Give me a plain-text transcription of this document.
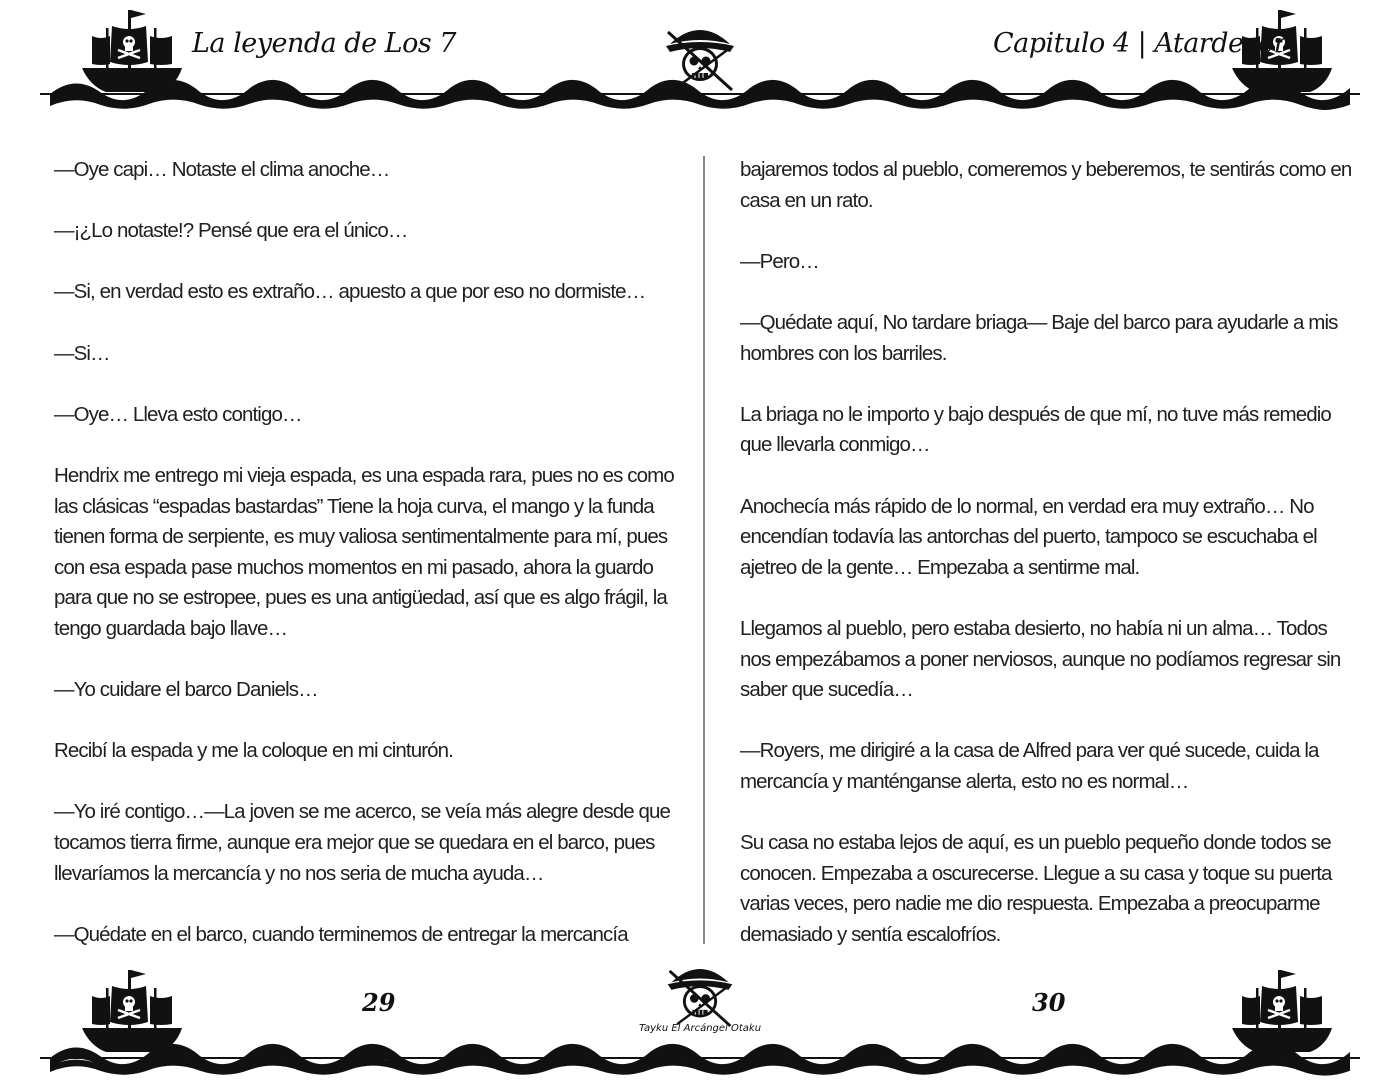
La leyenda de Los 7	Capitulo 4 | Atardecer

—Oye capi… Notaste el clima anoche…

—¡¿Lo notaste!? Pensé que era el único…

—Si, en verdad esto es extraño… apuesto a que por eso no dormiste…

—Si…

—Oye… Lleva esto contigo…

Hendrix me entrego mi vieja espada, es una espada rara, pues no es como las clásicas “espadas bastardas” Tiene la hoja curva, el mango y la funda tienen forma de serpiente, es muy valiosa sentimentalmente para mí, pues con esa espada pase muchos momentos en mi pasado, ahora la guardo para que no se estropee, pues es una antigüedad, así que es algo frágil, la tengo guardada bajo llave…

—Yo cuidare el barco Daniels…

Recibí la espada y me la coloque en mi cinturón.

—Yo iré contigo…—La joven se me acerco, se veía más alegre desde que tocamos tierra firme, aunque era mejor que se quedara en el barco, pues llevaríamos la mercancía y no nos seria de mucha ayuda…

—Quédate en el barco, cuando terminemos de entregar la mercancía

bajaremos todos al pueblo, comeremos y beberemos, te sentirás como en casa en un rato.

—Pero…

—Quédate aquí, No tardare briaga— Baje del barco para ayudarle a mis hombres con los barriles.

La briaga no le importo y bajo después de que mí, no tuve más remedio que llevarla conmigo…

Anochecía más rápido de lo normal, en verdad era muy extraño… No encendían todavía las antorchas del puerto, tampoco se escuchaba el ajetreo de la gente… Empezaba a sentirme mal.

Llegamos al pueblo, pero estaba desierto, no había ni un alma… Todos nos empezábamos a poner nerviosos, aunque no podíamos regresar sin saber que sucedía…

—Royers, me dirigiré a la casa de Alfred para ver qué sucede, cuida la mercancía y manténganse alerta, esto no es normal…

Su casa no estaba lejos de aquí, es un pueblo pequeño donde todos se conocen. Empezaba a oscurecerse. Llegue a su casa y toque su puerta varias veces, pero nadie me dio respuesta. Empezaba a preocuparme demasiado y sentía escalofríos.

29	30
Tayku El Arcángel Otaku
